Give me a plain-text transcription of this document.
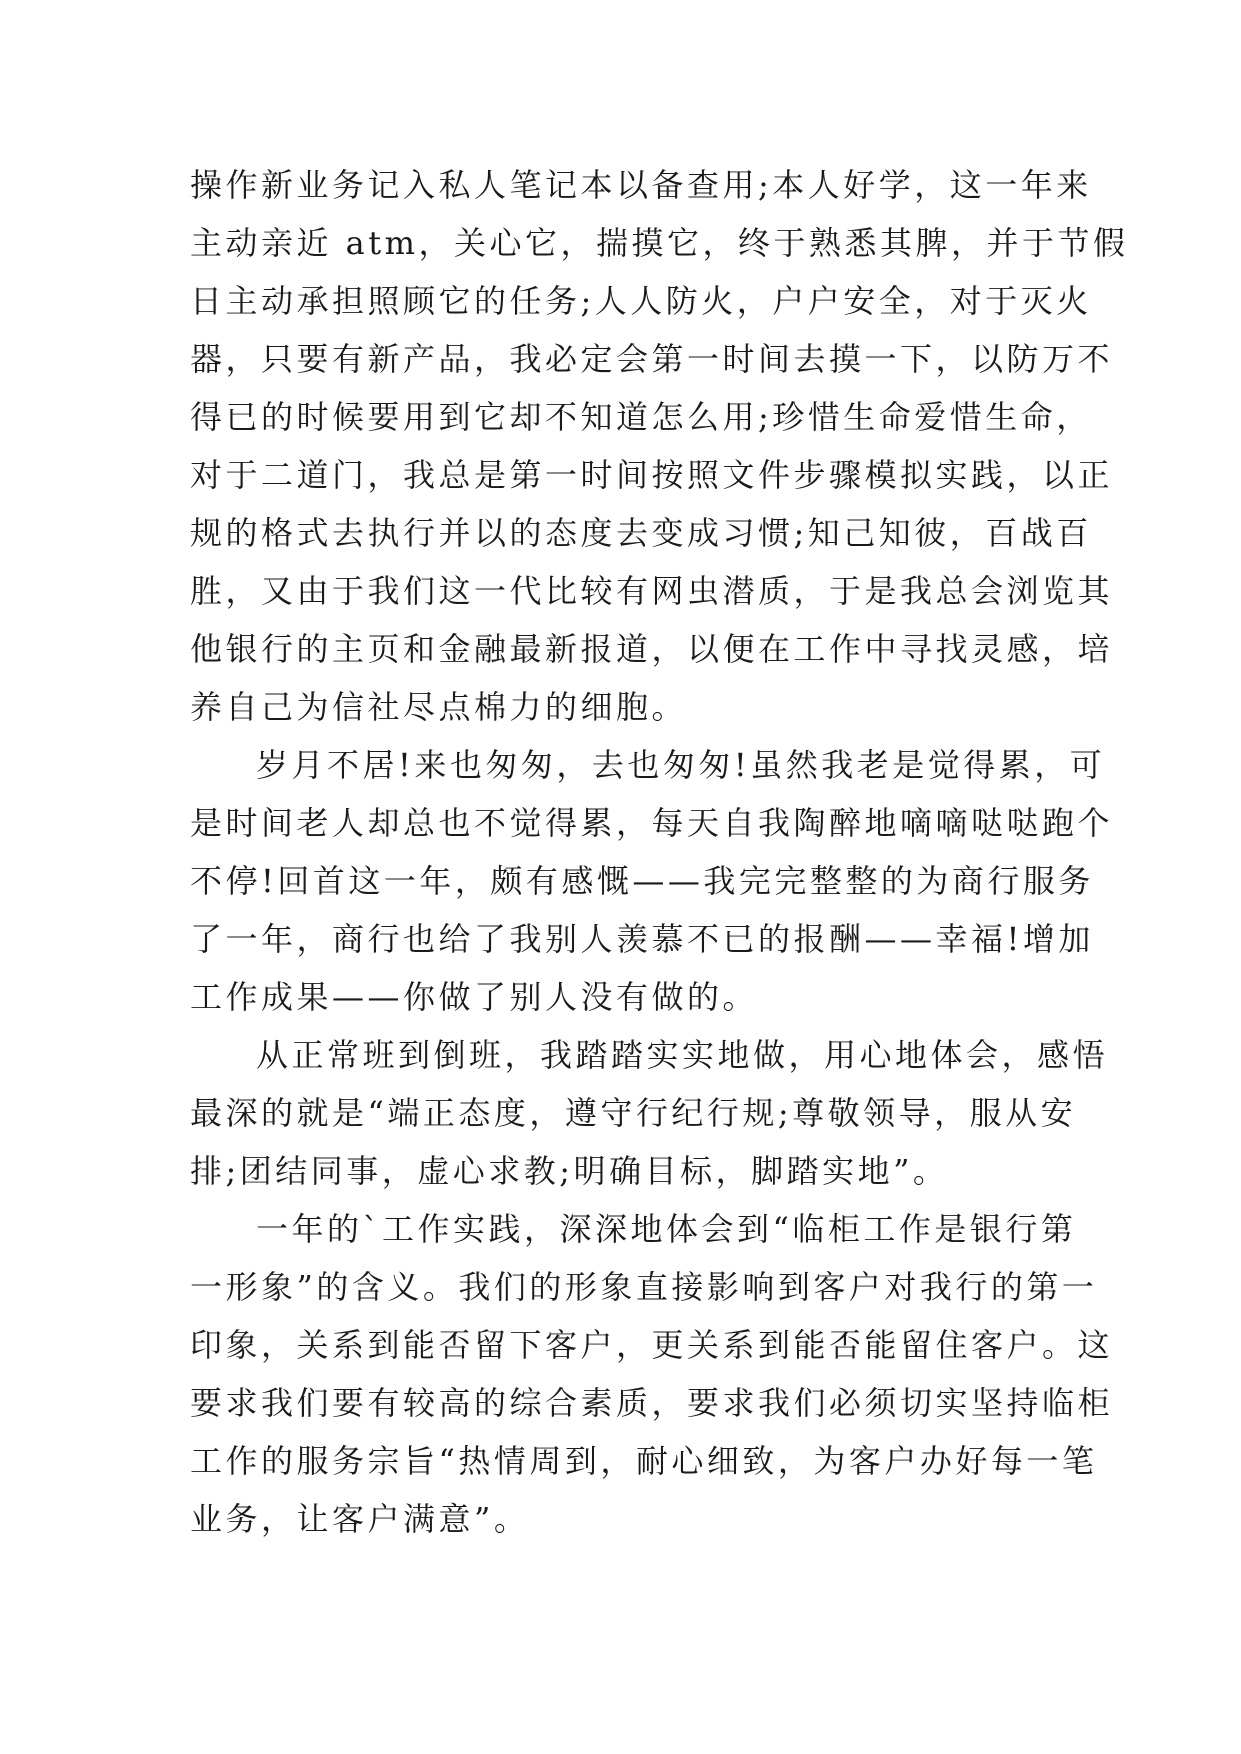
操作新业务记入私人笔记本以备查用;本人好学，这一年来
主动亲近 atm，关心它，揣摸它，终于熟悉其脾，并于节假
日主动承担照顾它的任务;人人防火，户户安全，对于灭火
器，只要有新产品，我必定会第一时间去摸一下，以防万不
得已的时候要用到它却不知道怎么用;珍惜生命爱惜生命，
对于二道门，我总是第一时间按照文件步骤模拟实践，以正
规的格式去执行并以的态度去变成习惯;知己知彼，百战百
胜，又由于我们这一代比较有网虫潜质，于是我总会浏览其
他银行的主页和金融最新报道，以便在工作中寻找灵感，培
养自己为信社尽点棉力的细胞。
岁月不居!来也匆匆，去也匆匆!虽然我老是觉得累，可
是时间老人却总也不觉得累，每天自我陶醉地嘀嘀哒哒跑个
不停!回首这一年，颇有感慨——我完完整整的为商行服务
了一年，商行也给了我别人羡慕不已的报酬——幸福!增加
工作成果——你做了别人没有做的。
从正常班到倒班，我踏踏实实地做，用心地体会，感悟
最深的就是“端正态度，遵守行纪行规;尊敬领导，服从安
排;团结同事，虚心求教;明确目标，脚踏实地”。
一年的`工作实践，深深地体会到“临柜工作是银行第
一形象”的含义。我们的形象直接影响到客户对我行的第一
印象，关系到能否留下客户，更关系到能否能留住客户。这
要求我们要有较高的综合素质，要求我们必须切实坚持临柜
工作的服务宗旨“热情周到，耐心细致，为客户办好每一笔
业务，让客户满意”。
